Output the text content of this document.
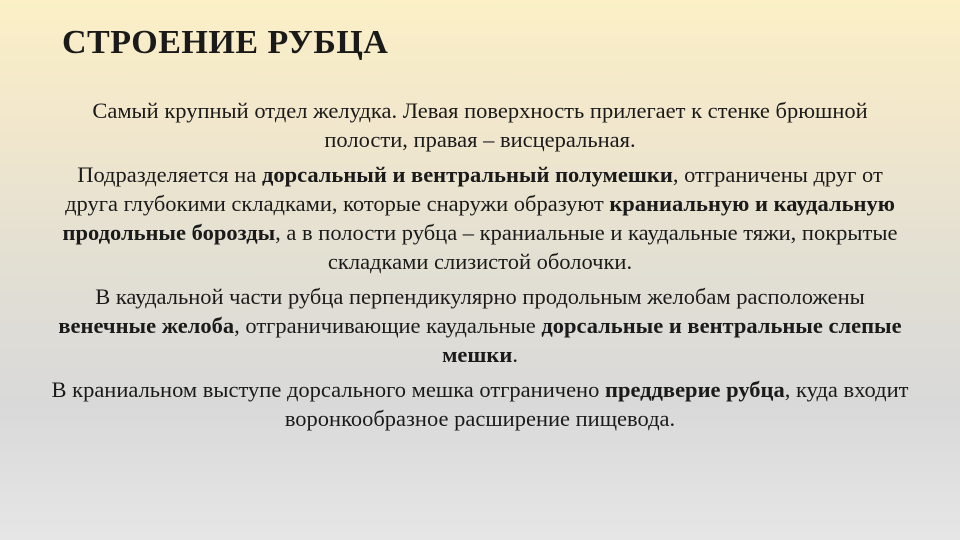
СТРОЕНИЕ РУБЦА

Самый крупный отдел желудка. Левая поверхность прилегает к стенке брюшной полости, правая – висцеральная.

Подразделяется на дорсальный и вентральный полумешки, отграничены друг от друга глубокими складками, которые снаружи образуют краниальную и каудальную продольные борозды, а в полости рубца – краниальные и каудальные тяжи, покрытые складками слизистой оболочки.

В каудальной части рубца перпендикулярно продольным желобам расположены венечные желоба, отграничивающие каудальные дорсальные и вентральные слепые мешки.

В краниальном выступе дорсального мешка отграничено преддверие рубца, куда входит воронкообразное расширение пищевода.
